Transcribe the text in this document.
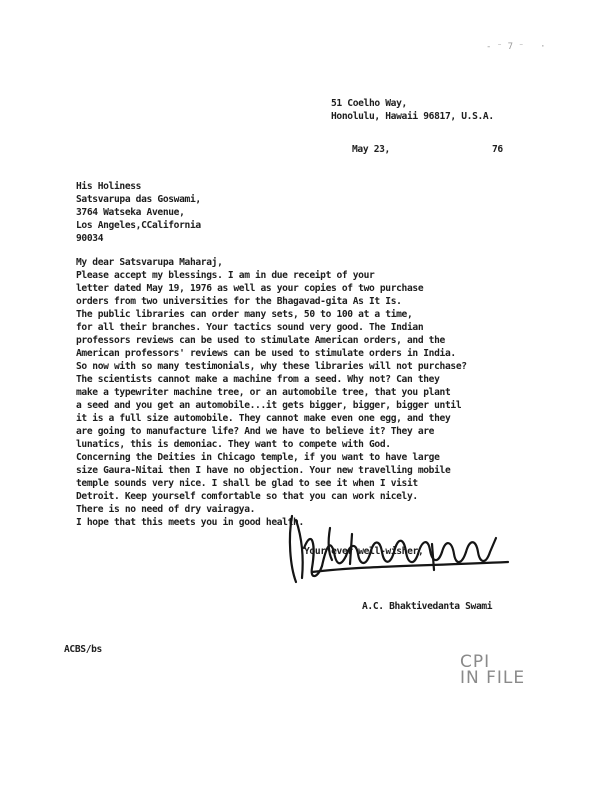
- ⁻ 7 ⁻   ·
51 Coelho Way,
Honolulu, Hawaii 96817, U.S.A.
May 23,	76
His Holiness
Satsvarupa das Goswami,
3764 Watseka Avenue,
Los Angeles,CCalifornia
90034
My dear Satsvarupa Maharaj,
Please accept my blessings. I am in due receipt of your
letter dated May 19, 1976 as well as your copies of two purchase
orders from two universities for the Bhagavad-gita As It Is.
The public libraries can order many sets, 50 to 100 at a time,
for all their branches. Your tactics sound very good. The Indian
professors reviews can be used to stimulate American orders, and the
American professors' reviews can be used to stimulate orders in India.
So now with so many testimonials, why these libraries will not purchase?
The scientists cannot make a machine from a seed. Why not? Can they
make a typewriter machine tree, or an automobile tree, that you plant
a seed and you get an automobile...it gets bigger, bigger, bigger until
it is a full size automobile. They cannot make even one egg, and they
are going to manufacture life? And we have to believe it? They are
lunatics, this is demoniac. They want to compete with God.
Concerning the Deities in Chicago temple, if you want to have large
size Gaura-Nitai then I have no objection. Your new travelling mobile
temple sounds very nice. I shall be glad to see it when I visit
Detroit. Keep yourself comfortable so that you can work nicely.
There is no need of dry vairagya.
I hope that this meets you in good health.
Your ever well-wisher,
A.C. Bhaktivedanta Swami
ACBS/bs
CPI
IN FILE
